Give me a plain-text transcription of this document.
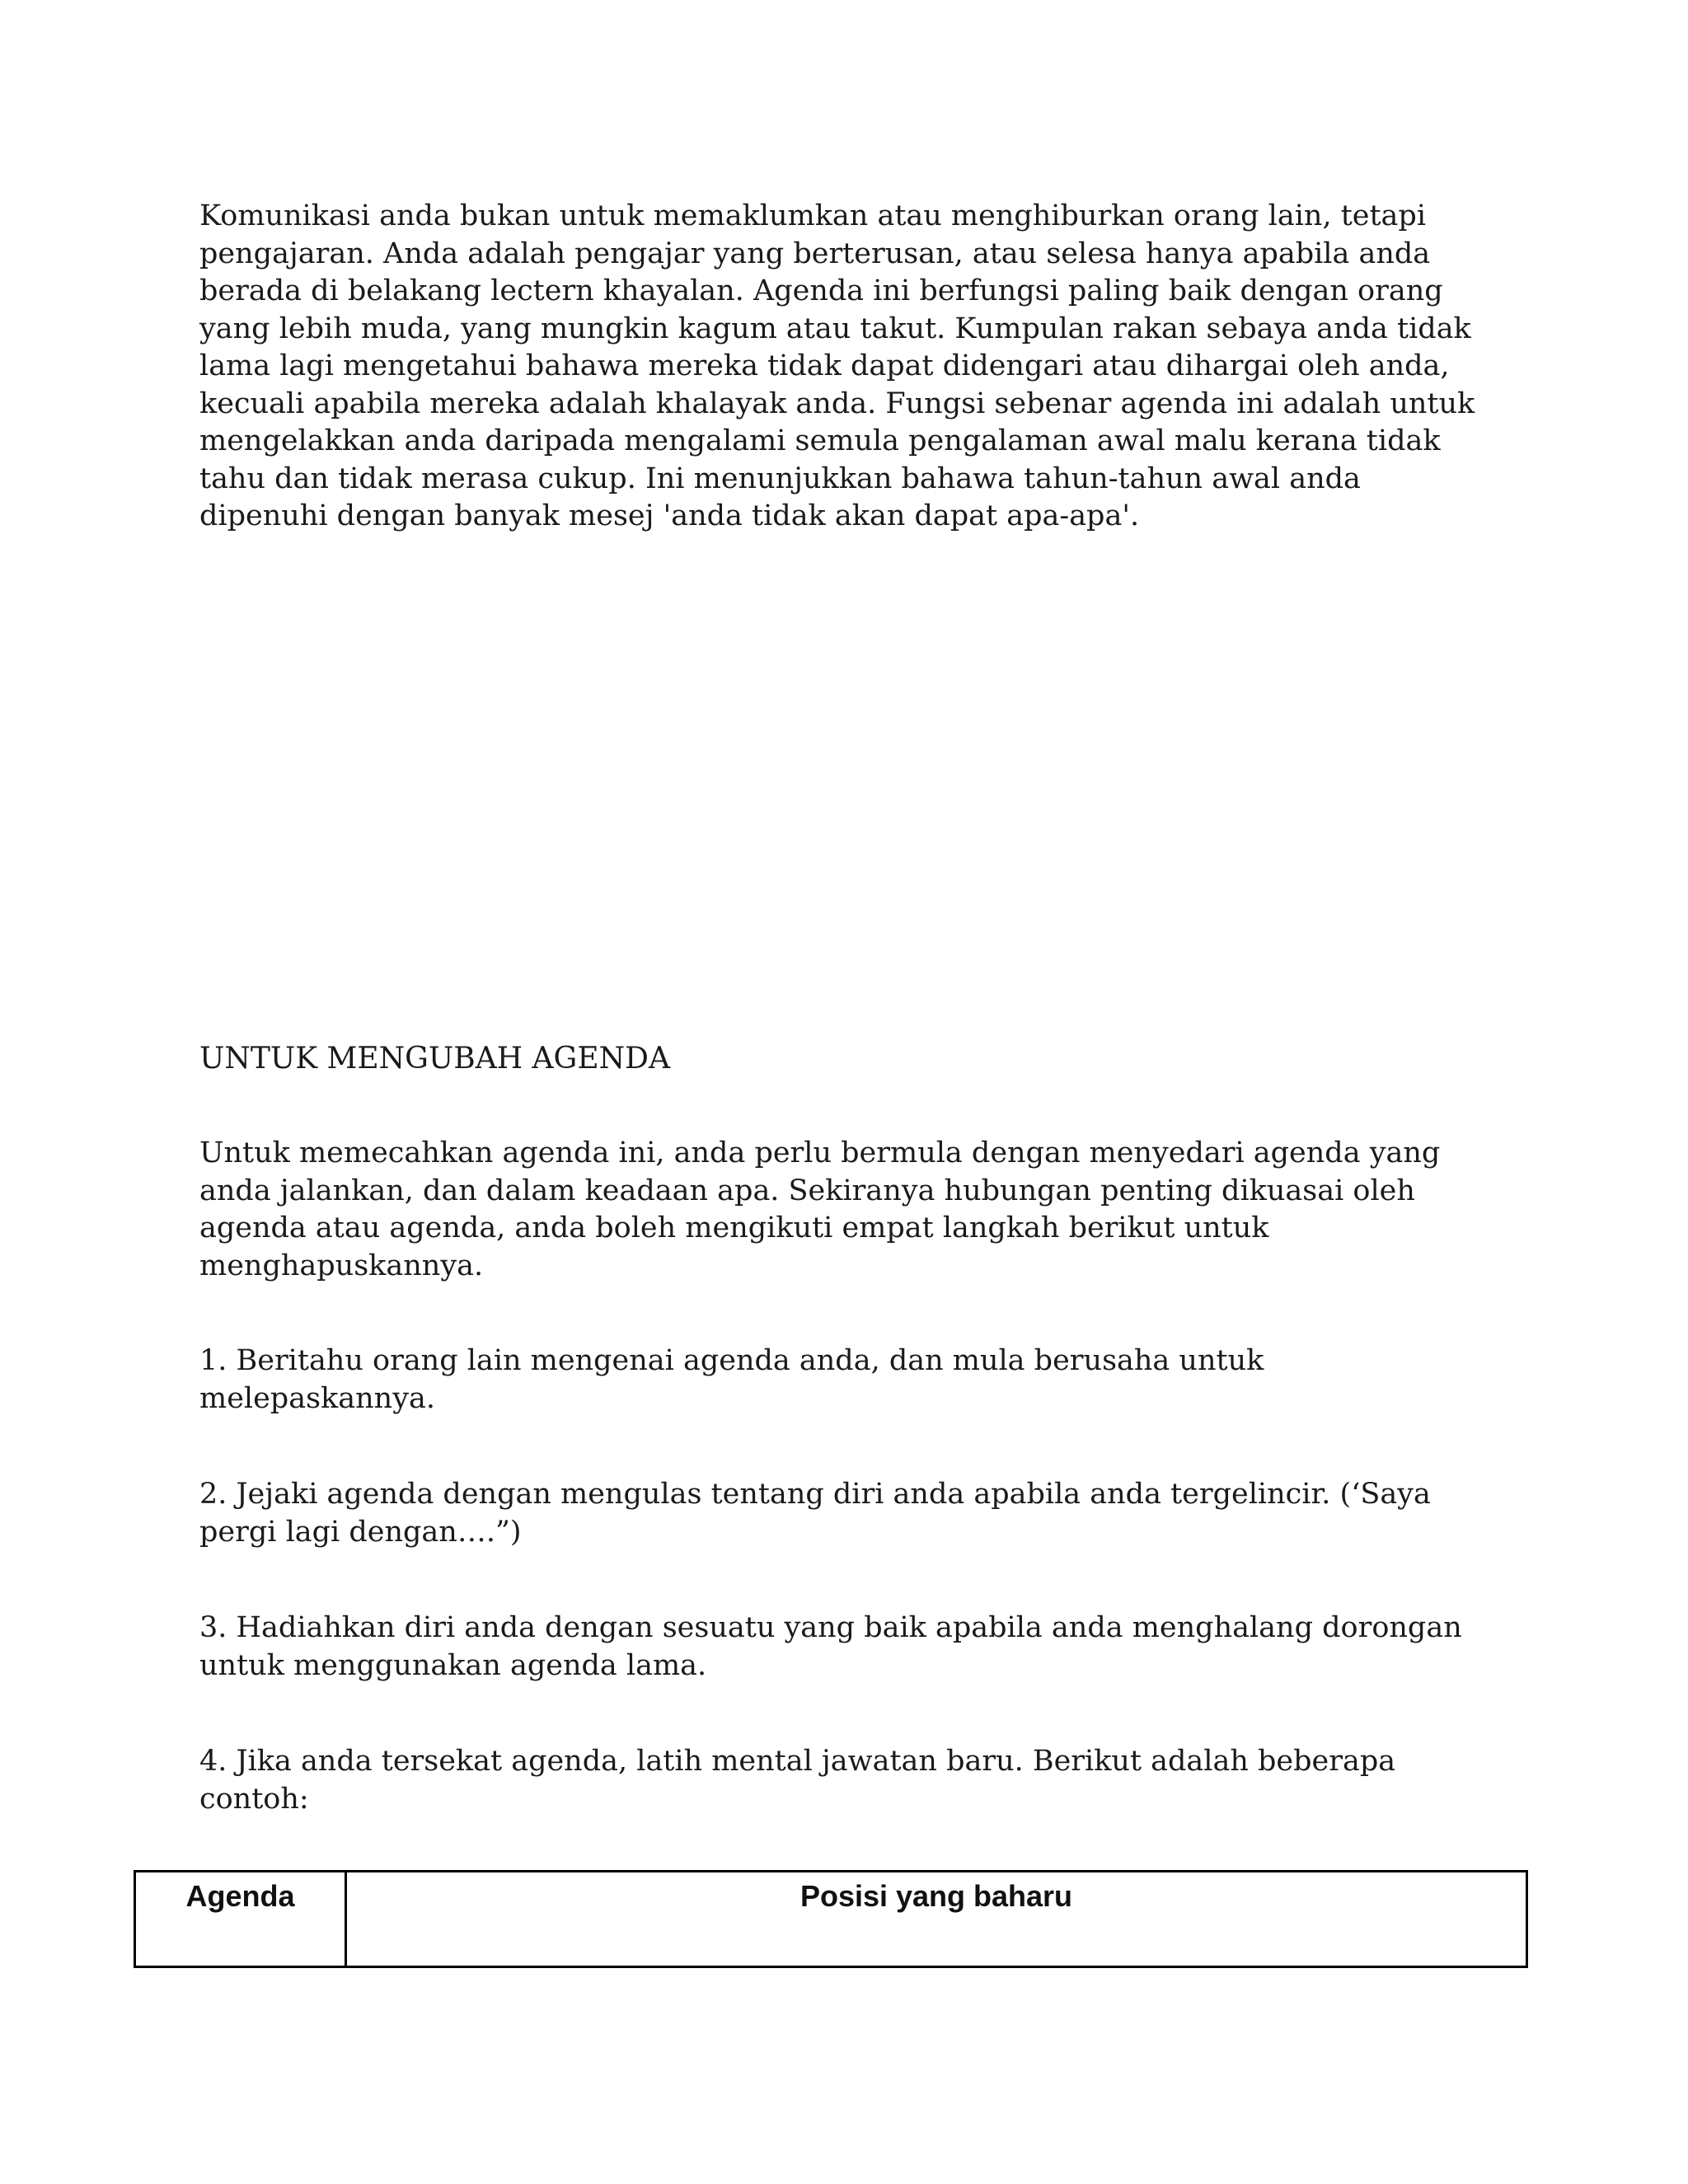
Komunikasi anda bukan untuk memaklumkan atau menghiburkan orang lain, tetapi
pengajaran. Anda adalah pengajar yang berterusan, atau selesa hanya apabila anda
berada di belakang lectern khayalan. Agenda ini berfungsi paling baik dengan orang
yang lebih muda, yang mungkin kagum atau takut. Kumpulan rakan sebaya anda tidak
lama lagi mengetahui bahawa mereka tidak dapat didengari atau dihargai oleh anda,
kecuali apabila mereka adalah khalayak anda. Fungsi sebenar agenda ini adalah untuk
mengelakkan anda daripada mengalami semula pengalaman awal malu kerana tidak
tahu dan tidak merasa cukup. Ini menunjukkan bahawa tahun-tahun awal anda
dipenuhi dengan banyak mesej 'anda tidak akan dapat apa-apa'.

UNTUK MENGUBAH AGENDA

Untuk memecahkan agenda ini, anda perlu bermula dengan menyedari agenda yang
anda jalankan, dan dalam keadaan apa. Sekiranya hubungan penting dikuasai oleh
agenda atau agenda, anda boleh mengikuti empat langkah berikut untuk
menghapuskannya.

1. Beritahu orang lain mengenai agenda anda, dan mula berusaha untuk
melepaskannya.

2. Jejaki agenda dengan mengulas tentang diri anda apabila anda tergelincir. (‘Saya
pergi lagi dengan….”)

3. Hadiahkan diri anda dengan sesuatu yang baik apabila anda menghalang dorongan
untuk menggunakan agenda lama.

4. Jika anda tersekat agenda, latih mental jawatan baru. Berikut adalah beberapa
contoh:

Agenda	Posisi yang baharu
